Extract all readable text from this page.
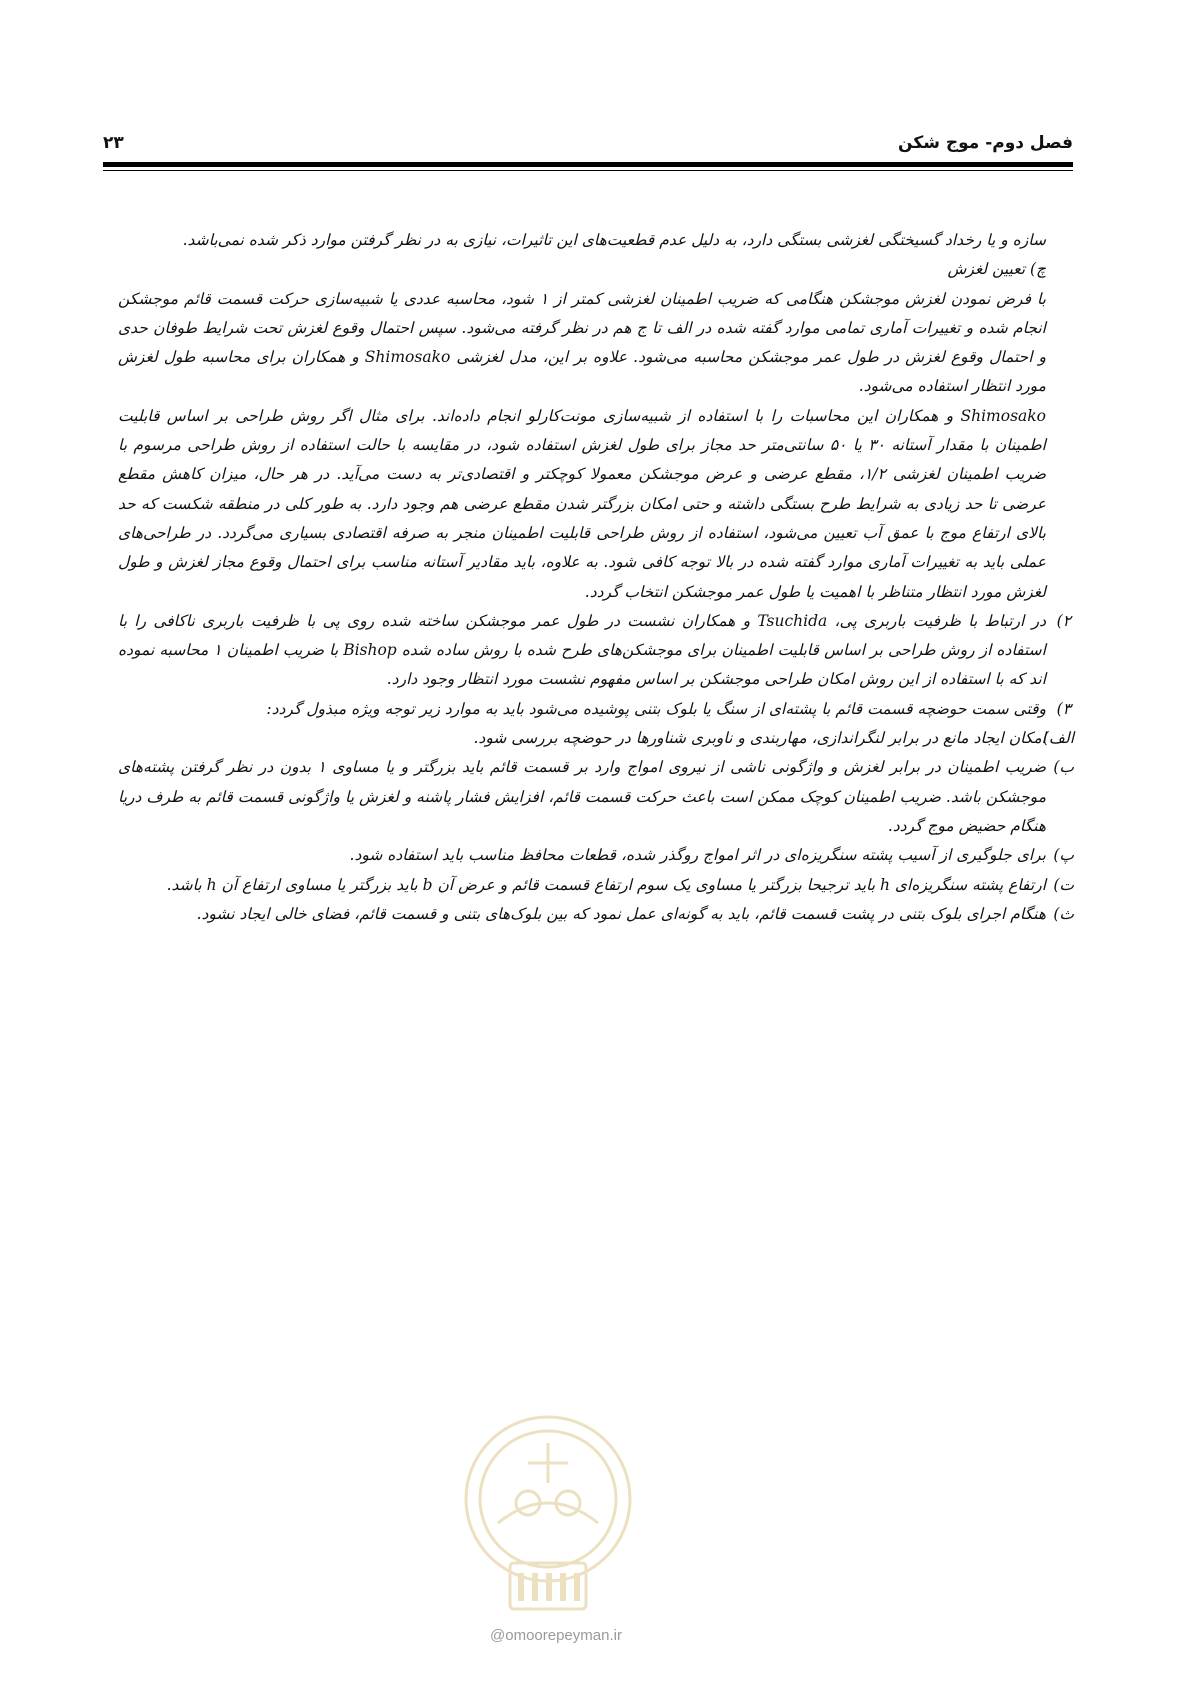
فصل دوم- موج شکن
۲۳

سازه و یا رخداد گسیختگی لغزشی بستگی دارد، به دلیل عدم قطعیت‌های این تاثیرات، نیازی به در نظر گرفتن موارد ذکر شده نمی‌باشد.

چ) تعیین لغزش

با فرض نمودن لغزش موجشکن هنگامی که ضریب اطمینان لغزشی کمتر از ۱ شود، محاسبه عددی یا شبیه‌سازی حرکت قسمت قائم موجشکن انجام شده و تغییرات آماری تمامی موارد گفته شده در الف تا ج هم در نظر گرفته می‌شود. سپس احتمال وقوع لغزش تحت شرایط طوفان حدی و احتمال وقوع لغزش در طول عمر موجشکن محاسبه می‌شود. علاوه بر این، مدل لغزشی Shimosako و همکاران برای محاسبه طول لغزش مورد انتظار استفاده می‌شود.

Shimosako و همکاران این محاسبات را با استفاده از شبیه‌سازی مونت‌کارلو انجام داده‌اند. برای مثال اگر روش طراحی بر اساس قابلیت اطمینان با مقدار آستانه ۳۰ یا ۵۰ سانتی‌متر حد مجاز برای طول لغزش استفاده شود، در مقایسه با حالت استفاده از روش طراحی مرسوم با ضریب اطمینان لغزشی ۱/۲، مقطع عرضی و عرض موجشکن معمولا کوچکتر و اقتصادی‌تر به دست می‌آید. در هر حال، میزان کاهش مقطع عرضی تا حد زیادی به شرایط طرح بستگی داشته و حتی امکان بزرگتر شدن مقطع عرضی هم وجود دارد. به طور کلی در منطقه شکست که حد بالای ارتفاع موج با عمق آب تعیین می‌شود، استفاده از روش طراحی قابلیت اطمینان منجر به صرفه اقتصادی بسیاری می‌گردد. در طراحی‌های عملی باید به تغییرات آماری موارد گفته شده در بالا توجه کافی شود. به علاوه، باید مقادیر آستانه مناسب برای احتمال وقوع مجاز لغزش و طول لغزش مورد انتظار متناظر با اهمیت یا طول عمر موجشکن انتخاب گردد.

۲)
در ارتباط با ظرفیت باربری پی، Tsuchida و همکاران نشست در طول عمر موجشکن ساخته شده روی پی با ظرفیت باربری ناکافی را با استفاده از روش طراحی بر اساس قابلیت اطمینان برای موجشکن‌های طرح شده با روش ساده شده Bishop با ضریب اطمینان ۱ محاسبه نموده اند که با استفاده از این روش امکان طراحی موجشکن بر اساس مفهوم نشست مورد انتظار وجود دارد.
۳)
وقتی سمت حوضچه قسمت قائم با پشته‌ای از سنگ یا بلوک بتنی پوشیده می‌شود باید به موارد زیر توجه ویژه مبذول گردد:
الف)
امکان ایجاد مانع در برابر لنگراندازی، مهاربندی و ناوبری شناورها در حوضچه بررسی شود.
ب)
ضریب اطمینان در برابر لغزش و واژگونی ناشی از نیروی امواج وارد بر قسمت قائم باید بزرگتر و یا مساوی ۱ بدون در نظر گرفتن پشته‌های موجشکن باشد. ضریب اطمینان کوچک ممکن است باعث حرکت قسمت قائم، افزایش فشار پاشنه و لغزش یا واژگونی قسمت قائم به طرف دریا هنگام حضیض موج گردد.
پ)
برای جلوگیری از آسیب پشته سنگریزه‌ای در اثر امواج روگذر شده، قطعات محافظ مناسب باید استفاده شود.
ت)
ارتفاع پشته سنگریزه‌ای h باید ترجیحا بزرگتر یا مساوی یک سوم ارتفاع قسمت قائم و عرض آن b باید بزرگتر یا مساوی ارتفاع آن h باشد.
ث)
هنگام اجرای بلوک بتنی در پشت قسمت قائم، باید به گونه‌ای عمل نمود که بین بلوک‌های بتنی و قسمت قائم، فضای خالی ایجاد نشود.
@omoorepeyman.ir
